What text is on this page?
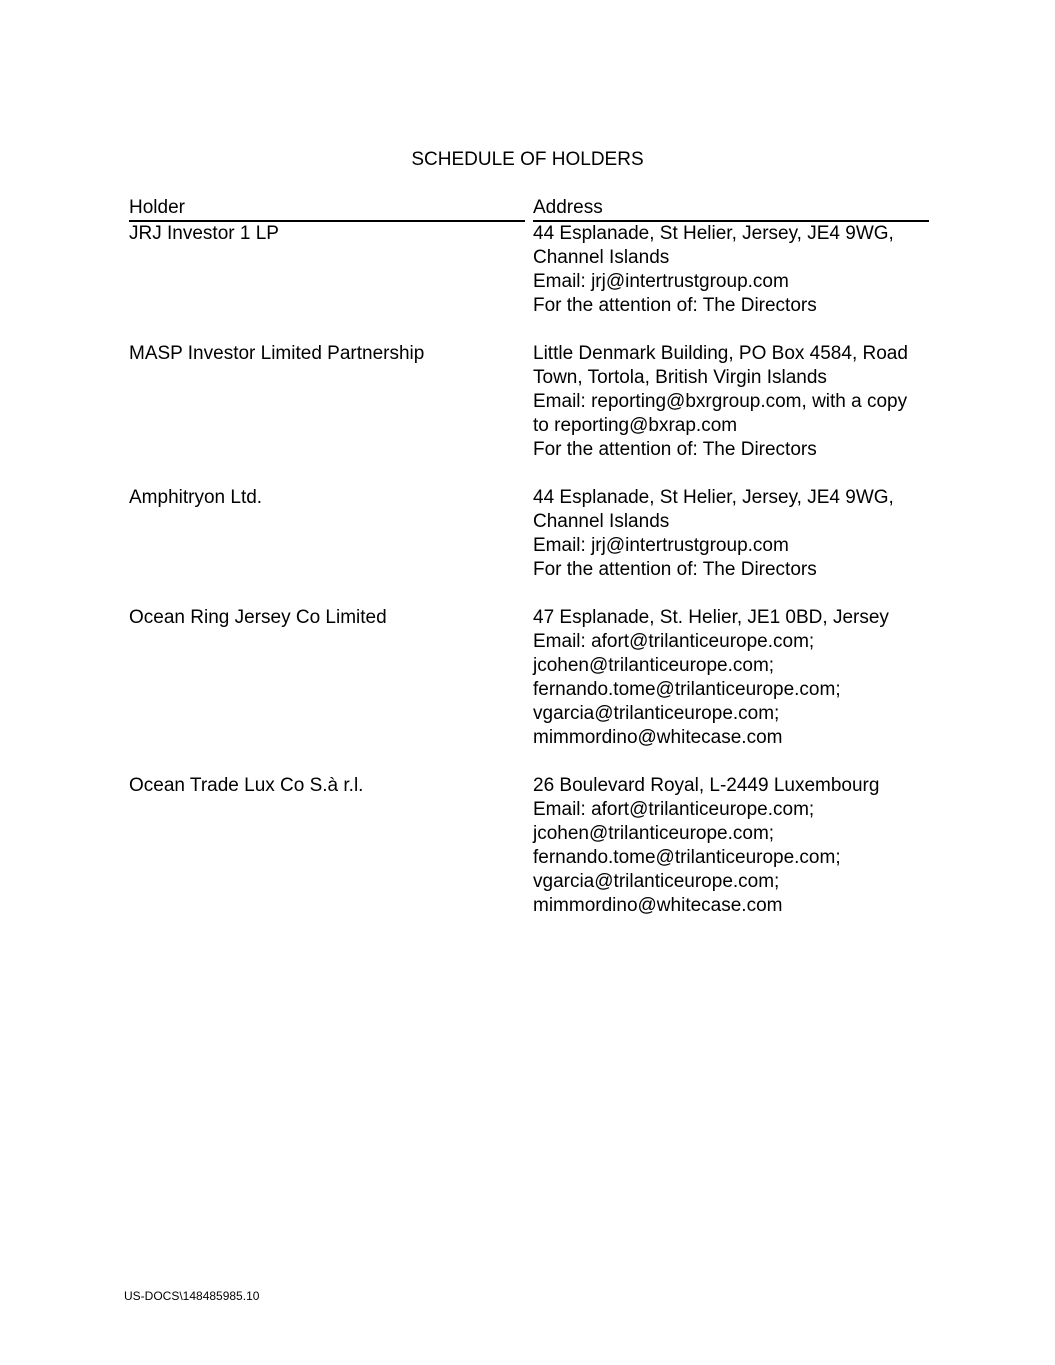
SCHEDULE OF HOLDERS
Holder	Address
JRJ Investor 1 LP	44 Esplanade, St Helier, Jersey, JE4 9WG,
Channel Islands
Email: jrj@intertrustgroup.com
For the attention of: The Directors
MASP Investor Limited Partnership	Little Denmark Building, PO Box 4584, Road
Town, Tortola, British Virgin Islands
Email: reporting@bxrgroup.com, with a copy
to reporting@bxrap.com
For the attention of: The Directors
Amphitryon Ltd.	44 Esplanade, St Helier, Jersey, JE4 9WG,
Channel Islands
Email: jrj@intertrustgroup.com
For the attention of: The Directors
Ocean Ring Jersey Co Limited	47 Esplanade, St. Helier, JE1 0BD, Jersey
Email: afort@trilanticeurope.com;
jcohen@trilanticeurope.com;
fernando.tome@trilanticeurope.com;
vgarcia@trilanticeurope.com;
mimmordino@whitecase.com
Ocean Trade Lux Co S.à r.l.	26 Boulevard Royal, L-2449 Luxembourg
Email: afort@trilanticeurope.com;
jcohen@trilanticeurope.com;
fernando.tome@trilanticeurope.com;
vgarcia@trilanticeurope.com;
mimmordino@whitecase.com
US-DOCS\148485985.10
